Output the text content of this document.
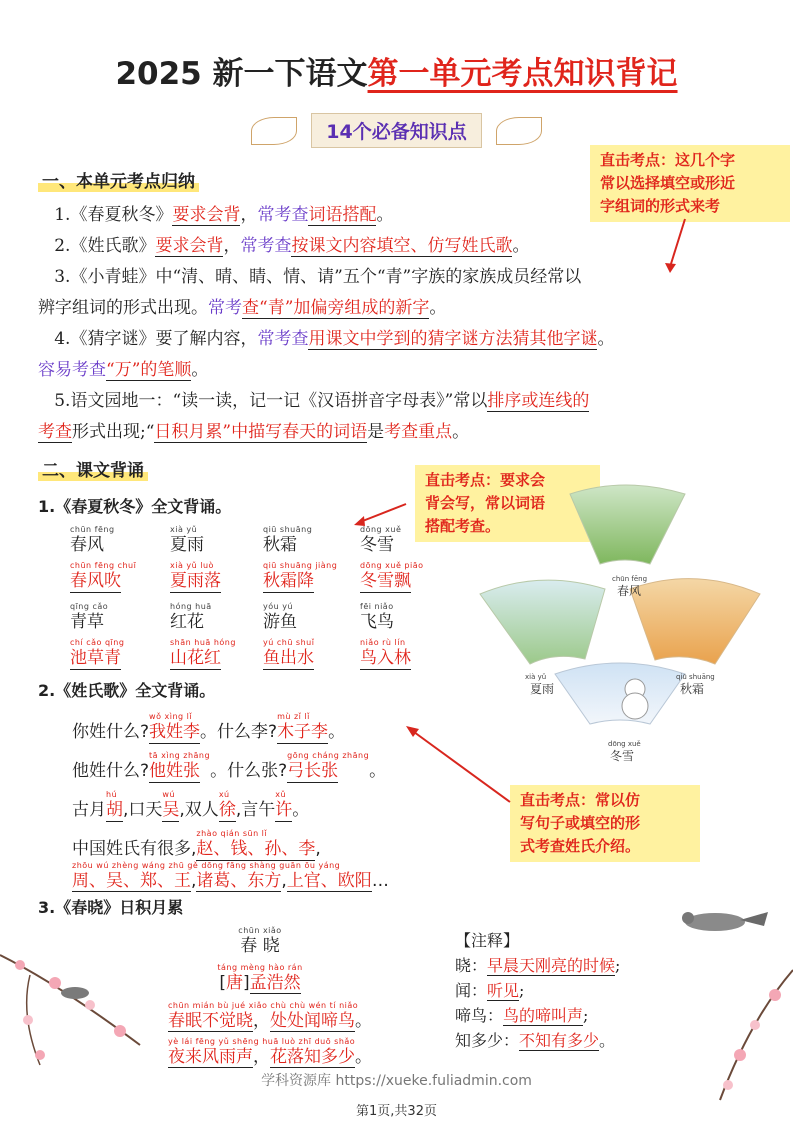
2025 新一下语文第一单元考点知识背记
14个必备知识点
一、本单元考点归纳
直击考点：这几个字
常以选择填空或形近
字组词的形式来考
1.《春夏秋冬》要求会背，常考查词语搭配。
2.《姓氏歌》要求会背，常考查按课文内容填空、仿写姓氏歌。
3.《小青蛙》中“清、晴、睛、情、请”五个“青”字族的家族成员经常以
辨字组词的形式出现。常考查“青”加偏旁组成的新字。
4.《猜字谜》要了解内容，常考查用课文中学到的猜字谜方法猜其他字谜。
容易考查“万”的笔顺。
5.语文园地一：“读一读，记一记《汉语拼音字母表》”常以排序或连线的
考查形式出现;“日积月累”中描写春天的词语是考查重点。
二、课文背诵
1.《春夏秋冬》全文背诵。
直击考点：要求会
背会写，常以词语
搭配考查。
chūn fēng
春风
xià yǔ
夏雨
qiū shuāng
秋霜
dōng xuě
冬雪
chūn fēng chuī
春风吹
xià yǔ luò
夏雨落
qiū shuāng jiàng
秋霜降
dōng xuě piāo
冬雪飘
qīng cǎo
青草
hóng huā
红花
yóu yú
游鱼
fēi niǎo
飞鸟
chí cǎo qīng
池草青
shān huā hóng
山花红
yú chū shuǐ
鱼出水
niǎo rù lín
鸟入林
chūn fēng
春风
xià yǔ
夏雨
qiū shuāng
秋霜
dōng xuě
冬雪
2.《姓氏歌》全文背诵。

你姓什么?
wǒ xìng lǐ
我姓李
。什么李?
mù zǐ lǐ
木子李
。

他姓什么?
tā xìng zhāng
他姓张
。什么张?
gōng cháng zhāng
弓长张
。

古月
hú
胡
,口天
wú
吴
,双人
xú
徐
,言午
xǔ
许
。

中国姓氏有很多,
zhào qián sūn lǐ
赵、钱、孙、李
,
zhōu wú zhèng wáng zhū gě dōng fāng shàng guān ōu yáng
周、吴、郑、王,诸葛、东方,上官、欧阳…
直击考点：常以仿
写句子或填空的形
式考查姓氏介绍。
3.《春晓》日积月累
chūn xiǎo
春 晓
táng mèng hào rán
[唐]孟浩然
chūn mián bù jué xiǎo chù chù wén tí niǎo
春眠不觉晓，处处闻啼鸟。
yè lái fēng yǔ shēng huā luò zhī duō shǎo
夜来风雨声，花落知多少。
【注释】
晓：早晨天刚亮的时候;
闻：听见;
啼鸟：鸟的啼叫声;
知多少：不知有多少。
学科资源库 https://xueke.fuliadmin.com
第1页,共32页
